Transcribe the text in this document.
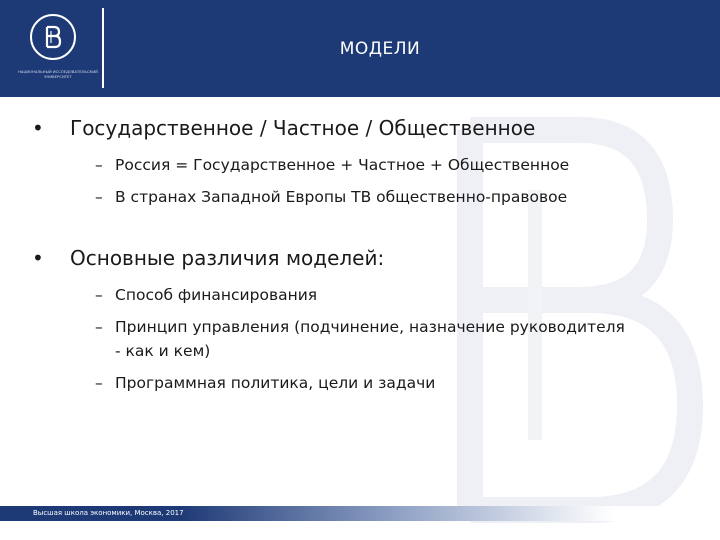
НАЦИОНАЛЬНЫЙ ИССЛЕДОВАТЕЛЬСКИЙ УНИВЕРСИТЕТ
МОДЕЛИ
•	Государственное / Частное / Общественное
– Россия = Государственное + Частное + Общественное
– В странах Западной Европы ТВ общественно-правовое
•	Основные различия моделей:
– Способ финансирования
– Принцип управления (подчинение, назначение руководителя - как и кем)
– Программная политика, цели и задачи
Высшая школа экономики, Москва, 2017
